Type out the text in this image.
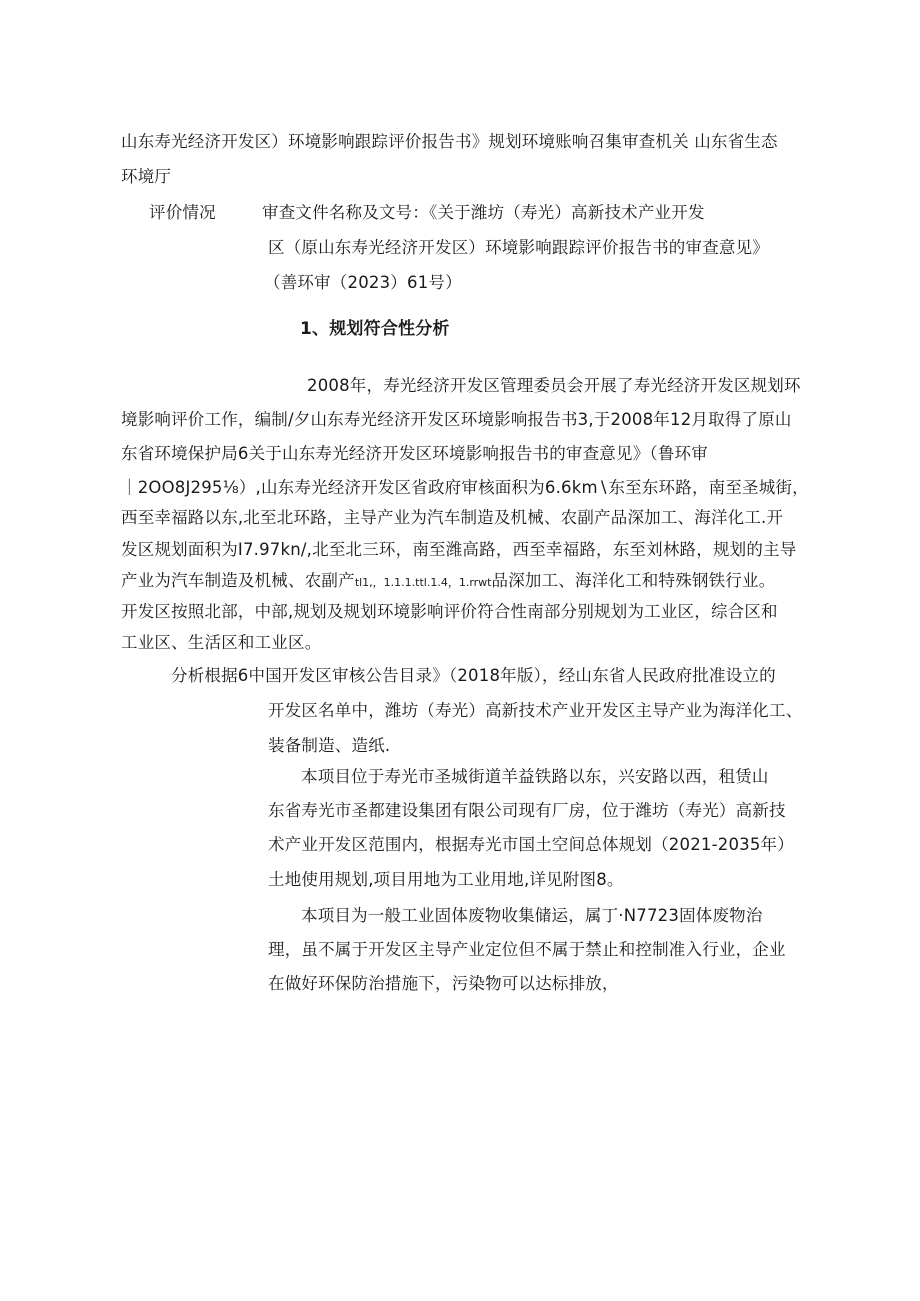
山东寿光经济开发区）环境影响跟踪评价报告书》规划环境账响召集审查机关 山东省生态
环境厅
评价情况	审查文件名称及文号：《关于潍坊（寿光）高新技术产业开发
区（原山东寿光经济开发区）环境影响跟踪评价报告书的审查意见》
（善环审（2023）61号）
1、规划符合性分析
2008年，寿光经济开发区管理委员会开展了寿光经济开发区规划环
境影响评价工作，编制/夕山东寿光经济开发区环境影响报告书3,于2008年12月取得了原山
东省环境保护局6关于山东寿光经济开发区环境影响报告书的审查意见》（鲁环审
｜2OO8J295⅛）,山东寿光经济开发区省政府审核面积为6.6km∖东至东环路，南至圣城街，
西至幸福路以东,北至北环路，主导产业为汽车制造及机械、农副产品深加工、海洋化工.开
发区规划面积为I7.97kn/,北至北三环，南至潍高路，西至幸福路，东至刘林路，规划的主导
产业为汽车制造及机械、农副产tl1,，1.1.1.ttl.1.4，1.rrwt品深加工、海洋化工和特殊钢铁行业。
开发区按照北部，中部,规划及规划环境影响评价符合性南部分别规划为工业区，综合区和
工业区、生活区和工业区。
分析根据6中国开发区审核公告目录》（2018年版），经山东省人民政府批准设立的
开发区名单中，潍坊（寿光）高新技术产业开发区主导产业为海洋化工、
装备制造、造纸.
本项目位于寿光市圣城街道羊益铁路以东，兴安路以西，租赁山
东省寿光市圣都建设集团有限公司现有厂房，位于潍坊（寿光）高新技
术产业开发区范围内，根据寿光市国土空间总体规划（2021-2035年）
土地使用规划,项目用地为工业用地,详见附图8。
本项目为一般工业固体废物收集储运，属丁·N7723固体废物治
理，虽不属于开发区主导产业定位但不属于禁止和控制准入行业，企业
在做好环保防治措施下，污染物可以达标排放，
